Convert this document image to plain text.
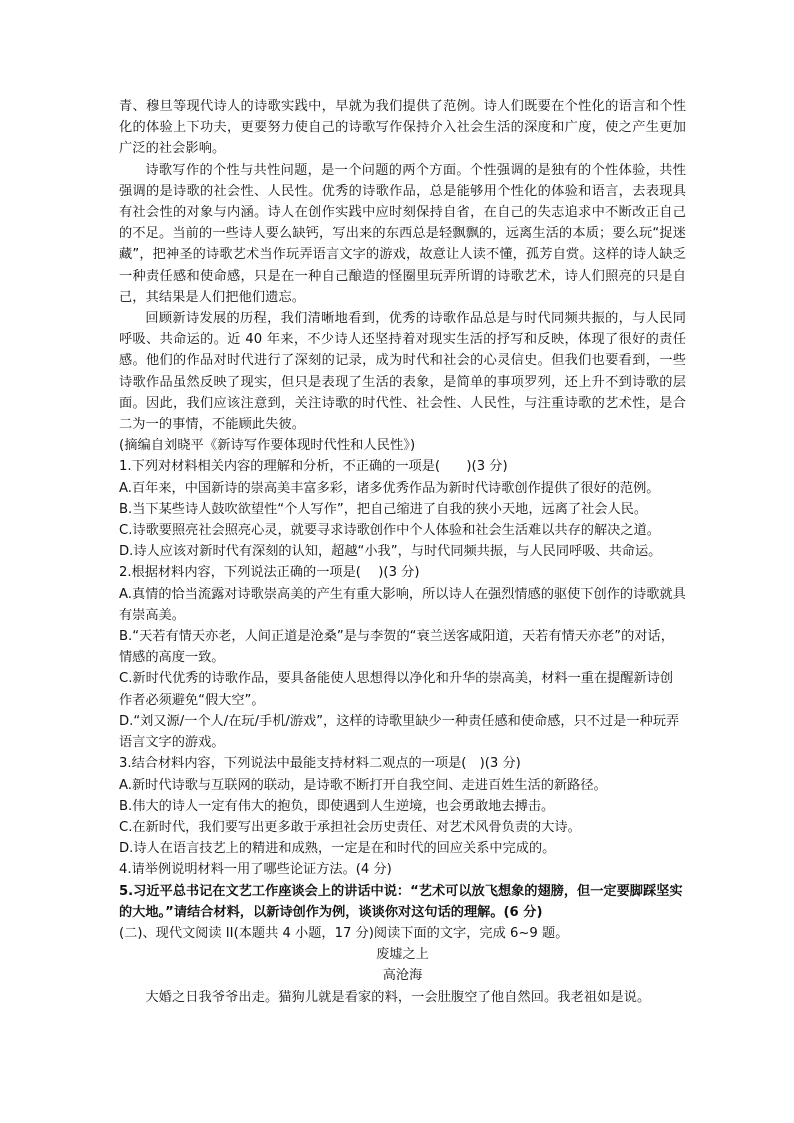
青、穆旦等现代诗人的诗歌实践中，早就为我们提供了范例。诗人们既要在个性化的语言和个性化的体验上下功夫，更要努力使自己的诗歌写作保持介入社会生活的深度和广度，使之产生更加广泛的社会影响。

诗歌写作的个性与共性问题，是一个问题的两个方面。个性强调的是独有的个性体验，共性强调的是诗歌的社会性、人民性。优秀的诗歌作品，总是能够用个性化的体验和语言，去表现具有社会性的对象与内涵。诗人在创作实践中应时刻保持自省，在自己的失志追求中不断改正自己的不足。当前的一些诗人要么缺钙，写出来的东西总是轻飘飘的，远离生活的本质；要么玩“捉迷藏”，把神圣的诗歌艺术当作玩弄语言文字的游戏，故意让人读不懂，孤芳自赏。这样的诗人缺乏一种责任感和使命感，只是在一种自己酿造的怪圈里玩弄所谓的诗歌艺术，诗人们照亮的只是自己，其结果是人们把他们遗忘。

回顾新诗发展的历程，我们清晰地看到，优秀的诗歌作品总是与时代同频共振的，与人民同呼吸、共命运的。近 40 年来，不少诗人还坚持着对现实生活的抒写和反映，体现了很好的责任感。他们的作品对时代进行了深刻的记录，成为时代和社会的心灵信史。但我们也要看到，一些诗歌作品虽然反映了现实，但只是表现了生活的表象，是简单的事项罗列，还上升不到诗歌的层面。因此，我们应该注意到，关注诗歌的时代性、社会性、人民性，与注重诗歌的艺术性，是合二为一的事情，不能顾此失彼。

(摘编自刘晓平《新诗写作要体现时代性和人民性》)

1.下列对材料相关内容的理解和分析，不正确的一项是(　　)(3 分)

A.百年来，中国新诗的崇高美丰富多彩，诸多优秀作品为新时代诗歌创作提供了很好的范例。

B.当下某些诗人鼓吹欲望性“个人写作”，把自己缩进了自我的狭小天地，远离了社会人民。

C.诗歌要照亮社会照亮心灵，就要寻求诗歌创作中个人体验和社会生活难以共存的解决之道。

D.诗人应该对新时代有深刻的认知，超越“小我”，与时代同频共振，与人民同呼吸、共命运。

2.根据材料内容，下列说法正确的一项是(　 )(3 分)

A.真情的恰当流露对诗歌崇高美的产生有重大影响，所以诗人在强烈情感的驱使下创作的诗歌就具有崇高美。

B.“天若有情天亦老，人间正道是沧桑”是与李贺的“衰兰送客咸阳道，天若有情天亦老”的对话，情感的高度一致。

C.新时代优秀的诗歌作品，要具备能使人思想得以净化和升华的崇高美，材料一重在提醒新诗创作者必须避免“假大空”。

D.“刘又源/一个人/在玩/手机/游戏”，这样的诗歌里缺少一种责任感和使命感，只不过是一种玩弄语言文字的游戏。

3.结合材料内容，下列说法中最能支持材料二观点的一项是(　)(3 分)

A.新时代诗歌与互联网的联动，是诗歌不断打开自我空间、走进百姓生活的新路径。

B.伟大的诗人一定有伟大的抱负，即使遇到人生逆境，也会勇敢地去搏击。

C.在新时代，我们要写出更多敢于承担社会历史责任、对艺术风骨负责的大诗。

D.诗人在语言技艺上的精进和成熟，一定是在和时代的回应关系中完成的。

4.请举例说明材料一用了哪些论证方法。(4 分)

5.习近平总书记在文艺工作座谈会上的讲话中说：“艺术可以放飞想象的翅膀，但一定要脚踩坚实的大地。”请结合材料，以新诗创作为例，谈谈你对这句话的理解。(6 分)

(二)、现代文阅读 II(本题共 4 小题，17 分)阅读下面的文字，完成 6~9 题。

废墟之上

高沧海

大婚之日我爷爷出走。猫狗儿就是看家的料，一会肚腹空了他自然回。我老祖如是说。
